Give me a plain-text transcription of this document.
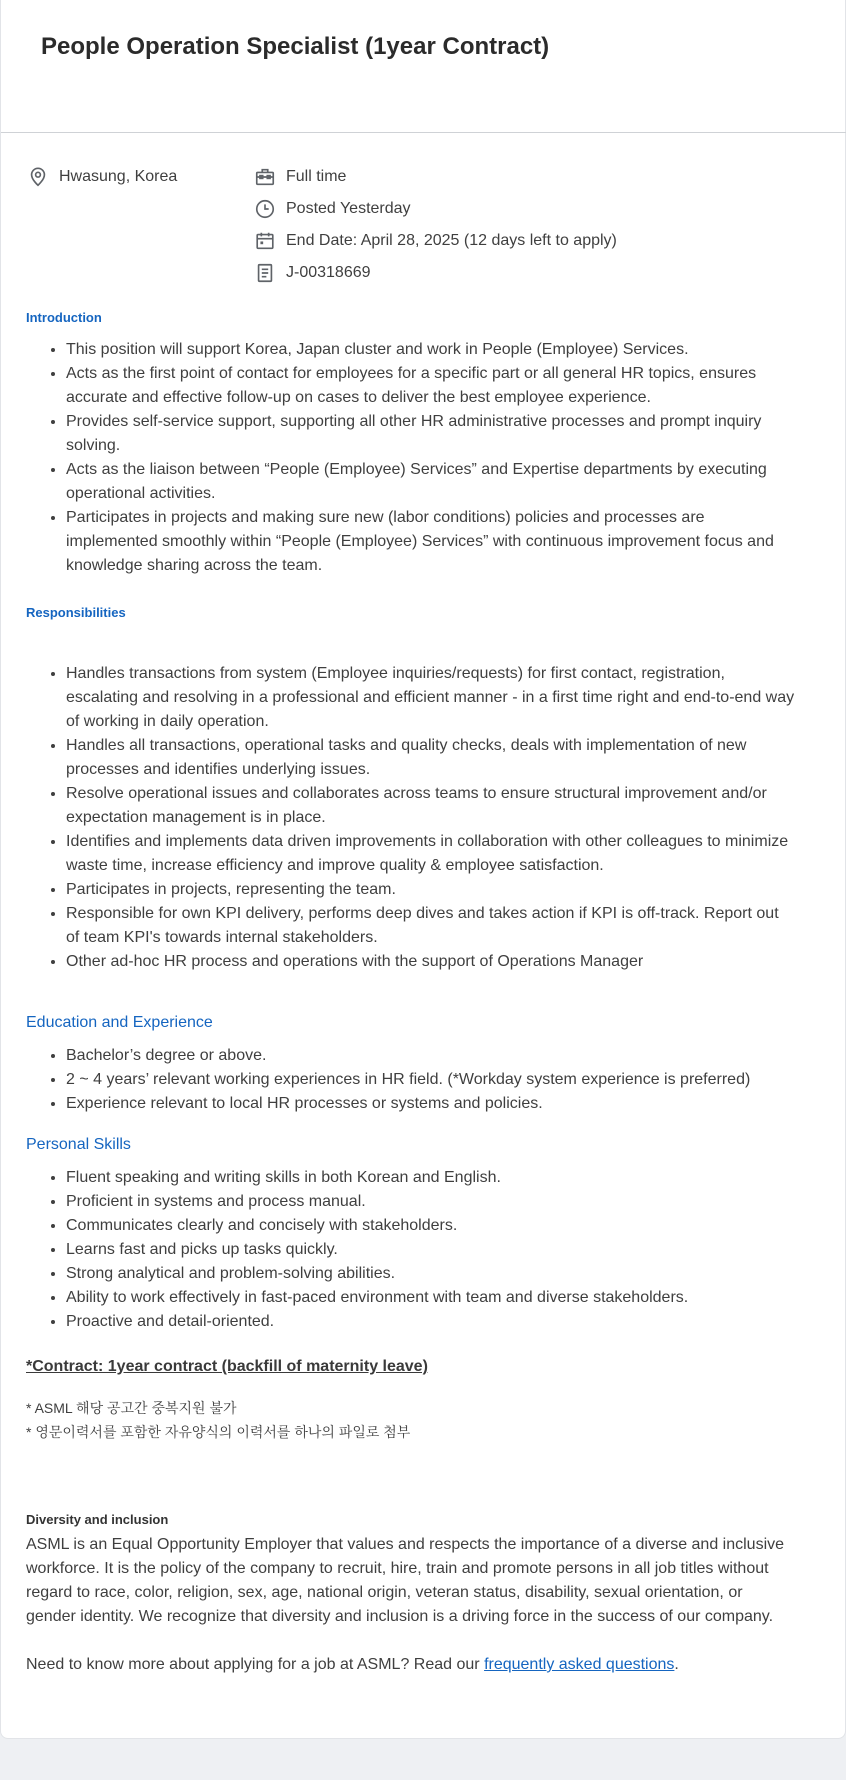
People Operation Specialist (1year Contract)
Hwasung, Korea	Full time
Posted Yesterday
End Date: April 28, 2025 (12 days left to apply)
J-00318669
Introduction
• This position will support Korea, Japan cluster and work in People (Employee) Services.
• Acts as the first point of contact for employees for a specific part or all general HR topics, ensures accurate and effective follow-up on cases to deliver the best employee experience.
• Provides self-service support, supporting all other HR administrative processes and prompt inquiry solving.
• Acts as the liaison between “People (Employee) Services” and Expertise departments by executing operational activities.
• Participates in projects and making sure new (labor conditions) policies and processes are implemented smoothly within “People (Employee) Services” with continuous improvement focus and knowledge sharing across the team.
Responsibilities
• Handles transactions from system (Employee inquiries/requests) for first contact, registration, escalating and resolving in a professional and efficient manner - in a first time right and end-to-end way of working in daily operation.
• Handles all transactions, operational tasks and quality checks, deals with implementation of new processes and identifies underlying issues.
• Resolve operational issues and collaborates across teams to ensure structural improvement and/or expectation management is in place.
• Identifies and implements data driven improvements in collaboration with other colleagues to minimize waste time, increase efficiency and improve quality & employee satisfaction.
• Participates in projects, representing the team.
• Responsible for own KPI delivery, performs deep dives and takes action if KPI is off-track. Report out of team KPI's towards internal stakeholders.
• Other ad-hoc HR process and operations with the support of Operations Manager
Education and Experience
• Bachelor’s degree or above.
• 2 ~ 4 years’ relevant working experiences in HR field. (*Workday system experience is preferred)
• Experience relevant to local HR processes or systems and policies.
Personal Skills
• Fluent speaking and writing skills in both Korean and English.
• Proficient in systems and process manual.
• Communicates clearly and concisely with stakeholders.
• Learns fast and picks up tasks quickly.
• Strong analytical and problem-solving abilities.
• Ability to work effectively in fast-paced environment with team and diverse stakeholders.
• Proactive and detail-oriented.

*Contract: 1year contract (backfill of maternity leave)

* ASML 해당 공고간 중복지원 불가

* 영문이력서를 포함한 자유양식의 이력서를 하나의 파일로 첨부

Diversity and inclusion

ASML is an Equal Opportunity Employer that values and respects the importance of a diverse and inclusive workforce. It is the policy of the company to recruit, hire, train and promote persons in all job titles without regard to race, color, religion, sex, age, national origin, veteran status, disability, sexual orientation, or gender identity. We recognize that diversity and inclusion is a driving force in the success of our company.

Need to know more about applying for a job at ASML? Read our frequently asked questions.
